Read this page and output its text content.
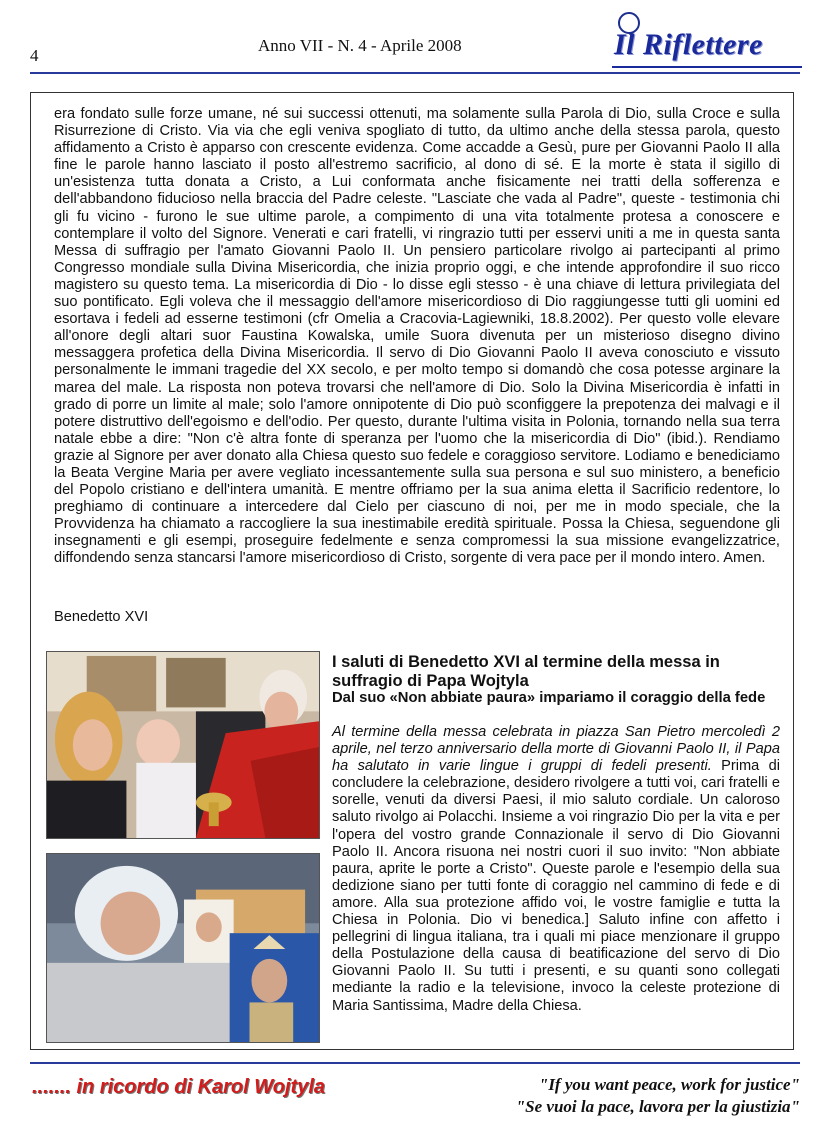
4
Anno VII - N. 4 - Aprile 2008	Il Riflettere

era fondato sulle forze umane, né sui successi ottenuti, ma solamente sulla Parola di Dio, sulla Croce e sulla Risurrezione di Cristo. Via via che egli veniva spogliato di tutto, da ultimo anche della stessa parola, questo affidamento a Cristo è apparso con crescente evidenza. Come accadde a Gesù, pure per Giovanni Paolo II alla fine le parole hanno lasciato il posto all'estremo sacrificio, al dono di sé. E la morte è stata il sigillo di un'esistenza tutta donata a Cristo, a Lui conformata anche fisicamente nei tratti della sofferenza e dell'abbandono fiducioso nella braccia del Padre celeste. "Lasciate che vada al Padre", queste - testimonia chi gli fu vicino - furono le sue ultime parole, a compimento di una vita totalmente protesa a conoscere e contemplare il volto del Signore. Venerati e cari fratelli, vi ringrazio tutti per esservi uniti a me in questa santa Messa di suffragio per l'amato Giovanni Paolo II. Un pensiero particolare rivolgo ai partecipanti al primo Congresso mondiale sulla Divina Misericordia, che inizia proprio oggi, e che intende approfondire il suo ricco magistero su questo tema. La misericordia di Dio - lo disse egli stesso - è una chiave di lettura privilegiata del suo pontificato. Egli voleva che il messaggio dell'amore misericordioso di Dio raggiungesse tutti gli uomini ed esortava i fedeli ad esserne testimoni (cfr Omelia a Cracovia-Lagiewniki, 18.8.2002). Per questo volle elevare all'onore degli altari suor Faustina Kowalska, umile Suora divenuta per un misterioso disegno divino messaggera profetica della Divina Misericordia. Il servo di Dio Giovanni Paolo II aveva conosciuto e vissuto personalmente le immani tragedie del XX secolo, e per molto tempo si domandò che cosa potesse arginare la marea del male. La risposta non poteva trovarsi che nell'amore di Dio. Solo la Divina Misericordia è infatti in grado di porre un limite al male; solo l'amore onnipotente di Dio può sconfiggere la prepotenza dei malvagi e il potere distruttivo dell'egoismo e dell'odio. Per questo, durante l'ultima visita in Polonia, tornando nella sua terra natale ebbe a dire: "Non c'è altra fonte di speranza per l'uomo che la misericordia di Dio" (ibid.). Rendiamo grazie al Signore per aver donato alla Chiesa questo suo fedele e coraggioso servitore. Lodiamo e benediciamo la Beata Vergine Maria per avere vegliato incessantemente sulla sua persona e sul suo ministero, a beneficio del Popolo cristiano e dell'intera umanità. E mentre offriamo per la sua anima eletta il Sacrificio redentore, lo preghiamo di continuare a intercedere dal Cielo per ciascuno di noi, per me in modo speciale, che la Provvidenza ha chiamato a raccogliere la sua inestimabile eredità spirituale. Possa la Chiesa, seguendone gli insegnamenti e gli esempi, proseguire fedelmente e senza compromessi la sua missione evangelizzatrice, diffondendo senza stancarsi l'amore misericordioso di Cristo, sorgente di vera pace per il mondo intero. Amen.

Benedetto XVI

I saluti di Benedetto XVI al termine della messa in suffragio di Papa Wojtyla
Dal suo «Non abbiate paura» impariamo il coraggio della fede

Al termine della messa celebrata in piazza San Pietro mercoledì 2 aprile, nel terzo anniversario della morte di Giovanni Paolo II, il Papa ha salutato in varie lingue i gruppi di fedeli presenti. Prima di concludere la celebrazione, desidero rivolgere a tutti voi, cari fratelli e sorelle, venuti da diversi Paesi, il mio saluto cordiale. Un caloroso saluto rivolgo ai Polacchi. Insieme a voi ringrazio Dio per la vita e per l'opera del vostro grande Connazionale il servo di Dio Giovanni Paolo II. Ancora risuona nei nostri cuori il suo invito: "Non abbiate paura, aprite le porte a Cristo". Queste parole e l'esempio della sua dedizione siano per tutti fonte di coraggio nel cammino di fede e di amore. Alla sua protezione affido voi, le vostre famiglie e tutta la Chiesa in Polonia. Dio vi benedica.] Saluto infine con affetto i pellegrini di lingua italiana, tra i quali mi piace menzionare il gruppo della Postulazione della causa di beatificazione del servo di Dio Giovanni Paolo II. Su tutti i presenti, e su quanti sono collegati mediante la radio e la televisione, invoco la celeste protezione di Maria Santissima, Madre della Chiesa.

....... in ricordo di Karol Wojtyla	"If you want peace, work for justice"
"Se vuoi la pace, lavora per la giustizia"
